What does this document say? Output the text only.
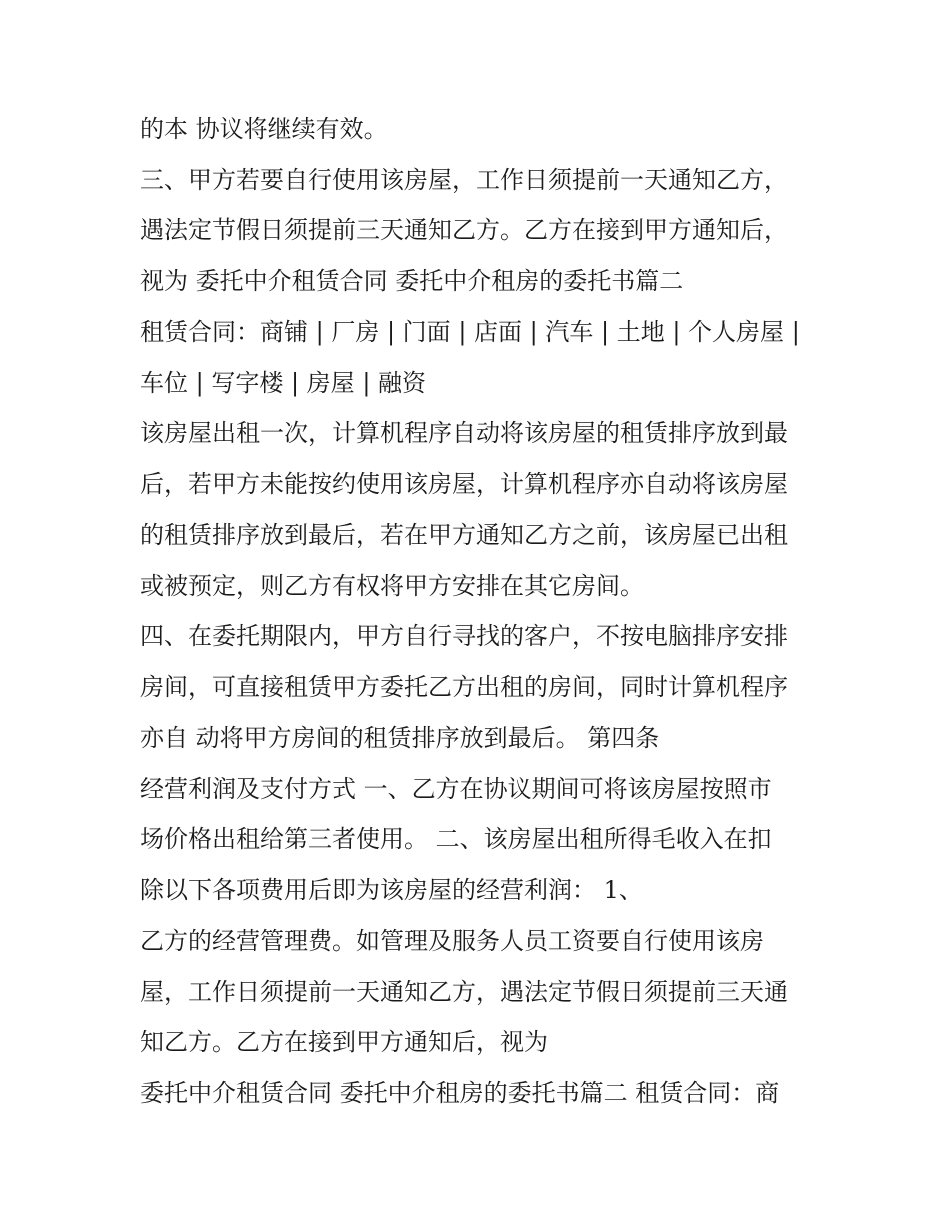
的本 协议将继续有效。

三、甲方若要自行使用该房屋，工作日须提前一天通知乙方，

遇法定节假日须提前三天通知乙方。乙方在接到甲方通知后，

视为 委托中介租赁合同 委托中介租房的委托书篇二

租赁合同：商铺 | 厂房 | 门面 | 店面 | 汽车 | 土地 | 个人房屋 |

车位 | 写字楼 | 房屋 | 融资

该房屋出租一次，计算机程序自动将该房屋的租赁排序放到最

后，若甲方未能按约使用该房屋，计算机程序亦自动将该房屋

的租赁排序放到最后，若在甲方通知乙方之前，该房屋已出租

或被预定，则乙方有权将甲方安排在其它房间。

四、在委托期限内，甲方自行寻找的客户，不按电脑排序安排

房间，可直接租赁甲方委托乙方出租的房间，同时计算机程序

亦自 动将甲方房间的租赁排序放到最后。 第四条

经营利润及支付方式 一、乙方在协议期间可将该房屋按照市

场价格出租给第三者使用。 二、该房屋出租所得毛收入在扣

除以下各项费用后即为该房屋的经营利润： 1、

乙方的经营管理费。如管理及服务人员工资要自行使用该房

屋，工作日须提前一天通知乙方，遇法定节假日须提前三天通

知乙方。乙方在接到甲方通知后，视为

委托中介租赁合同 委托中介租房的委托书篇二 租赁合同：商
